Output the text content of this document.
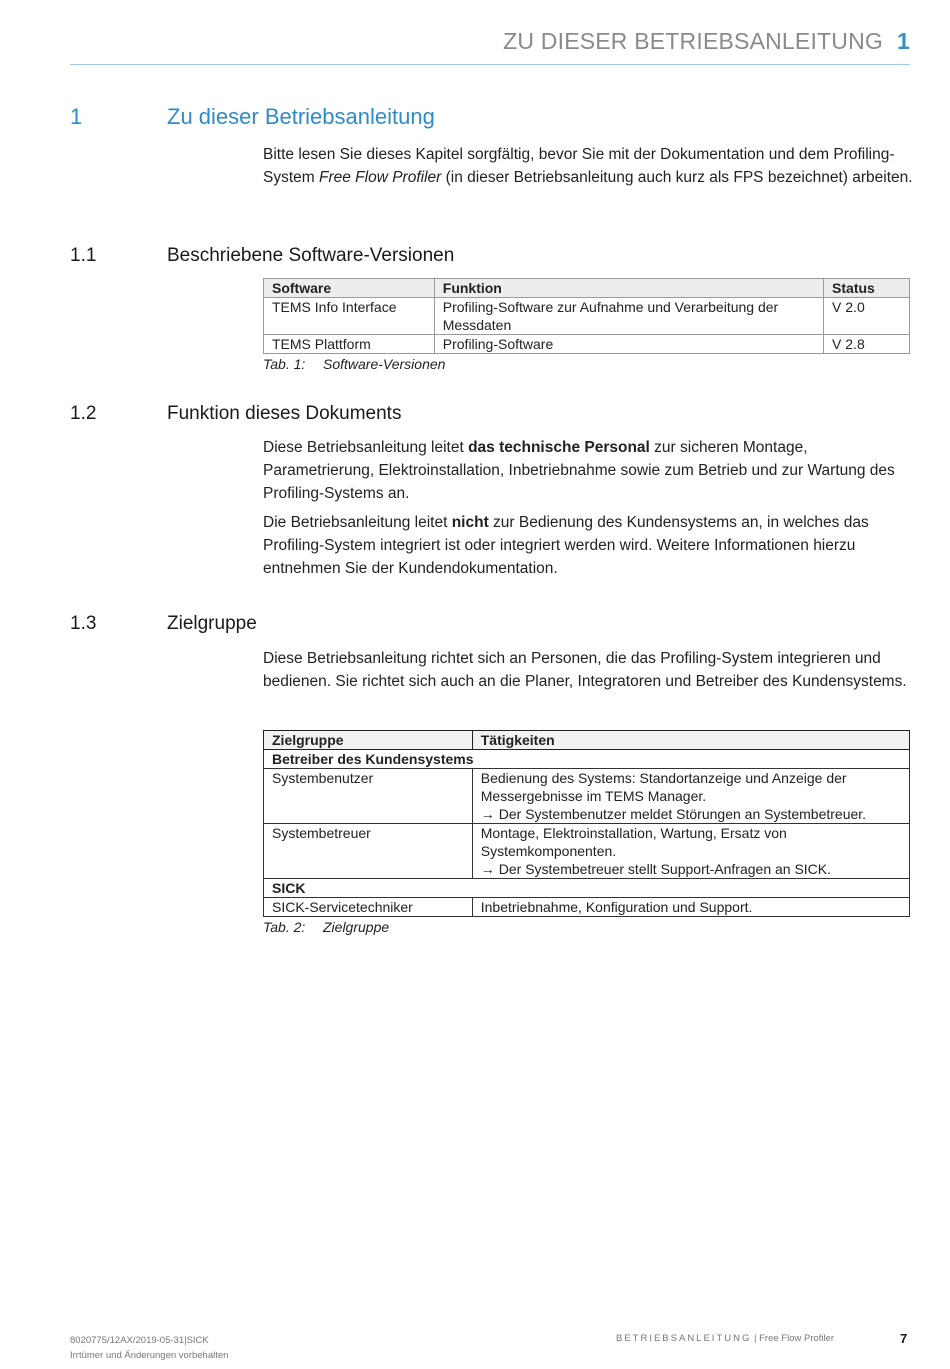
ZU DIESER BETRIEBSANLEITUNG 1
1	Zu dieser Betriebsanleitung
Bitte lesen Sie dieses Kapitel sorgfältig, bevor Sie mit der Dokumentation und dem Profiling-System Free Flow Profiler (in dieser Betriebsanleitung auch kurz als FPS bezeichnet) arbeiten.
1.1	Beschriebene Software-Versionen
Software	Funktion	Status
TEMS Info Interface	Profiling-Software zur Aufnahme und Verarbeitung der Messdaten	V 2.0
TEMS Plattform	Profiling-Software	V 2.8
Tab. 1: Software-Versionen
1.2	Funktion dieses Dokuments
Diese Betriebsanleitung leitet das technische Personal zur sicheren Montage, Parametrierung, Elektroinstallation, Inbetriebnahme sowie zum Betrieb und zur Wartung des Profiling-Systems an.
Die Betriebsanleitung leitet nicht zur Bedienung des Kundensystems an, in welches das Profiling-System integriert ist oder integriert werden wird. Weitere Informationen hierzu entnehmen Sie der Kundendokumentation.
1.3	Zielgruppe
Diese Betriebsanleitung richtet sich an Personen, die das Profiling-System integrieren und bedienen. Sie richtet sich auch an die Planer, Integratoren und Betreiber des Kundensystems.
Zielgruppe	Tätigkeiten
Betreiber des Kundensystems	
Systembenutzer	Bedienung des Systems: Standortanzeige und Anzeige der Messergebnisse im TEMS Manager.
→ Der Systembenutzer meldet Störungen an Systembetreuer.

Systembetreuer	Montage, Elektroinstallation, Wartung, Ersatz von Systemkomponenten.
→ Der Systembetreuer stellt Support-Anfragen an SICK.

SICK	
SICK-Servicetechniker	Inbetriebnahme, Konfiguration und Support.
Tab. 2: Zielgruppe
8020775/12AX/2019-05-31|SICK
Irrtümer und Änderungen vorbehalten
BETRIEBSANLEITUNG | Free Flow Profiler	7
